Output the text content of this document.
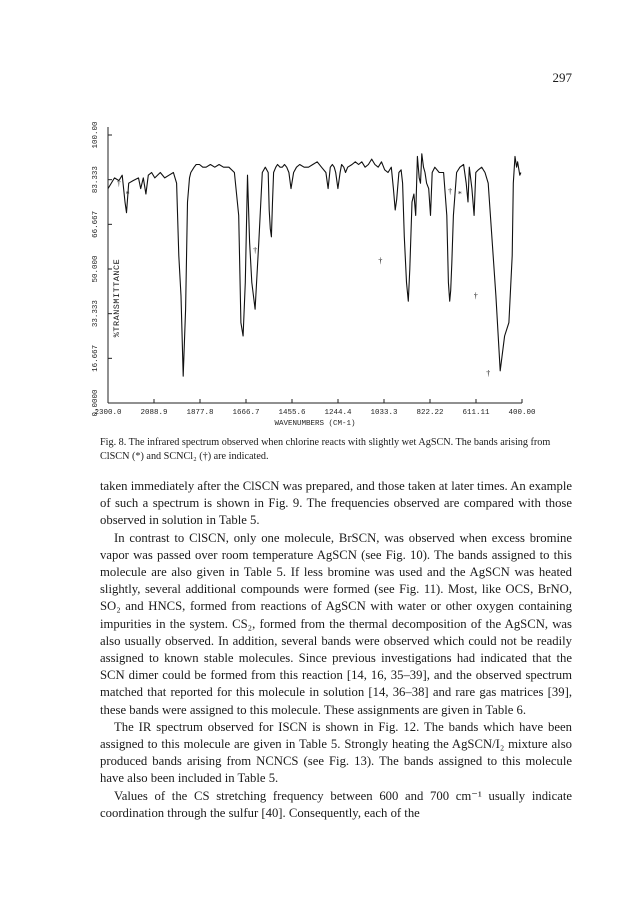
297
%TRANSMITTANCE
2300.0	2088.9	1877.8	1666.7	1455.6	1244.4	1033.3	822.22	611.11	400.00
0.0000
16.667
33.333
50.000
66.667
83.333
100.00
WAVENUMBERS (CM-1)
†
*
†
†
† *
†
†
Fig. 8. The infrared spectrum observed when chlorine reacts with slightly wet AgSCN. The bands arising from ClSCN (*) and SCNCl₂ (†) are indicated.

taken immediately after the ClSCN was prepared, and those taken at later times. An example of such a spectrum is shown in Fig. 9. The frequencies observed are compared with those observed in solution in Table 5.

In contrast to ClSCN, only one molecule, BrSCN, was observed when excess bromine vapor was passed over room temperature AgSCN (see Fig. 10). The bands assigned to this molecule are also given in Table 5. If less bromine was used and the AgSCN was heated slightly, several additional compounds were formed (see Fig. 11). Most, like OCS, BrNO, SO₂ and HNCS, formed from reactions of AgSCN with water or other oxygen containing impurities in the system. CS₂, formed from the thermal decomposition of the AgSCN, was also usually observed. In addition, several bands were observed which could not be readily assigned to known stable molecules. Since previous investigations had indicated that the SCN dimer could be formed from this reaction [14, 16, 35–39], and the observed spectrum matched that reported for this molecule in solution [14, 36–38] and rare gas matrices [39], these bands were assigned to this molecule. These assignments are given in Table 6.

The IR spectrum observed for ISCN is shown in Fig. 12. The bands which have been assigned to this molecule are given in Table 5. Strongly heating the AgSCN/I₂ mixture also produced bands arising from NCNCS (see Fig. 13). The bands assigned to this molecule have also been included in Table 5.

Values of the CS stretching frequency between 600 and 700 cm⁻¹ usually indicate coordination through the sulfur [40]. Consequently, each of the
